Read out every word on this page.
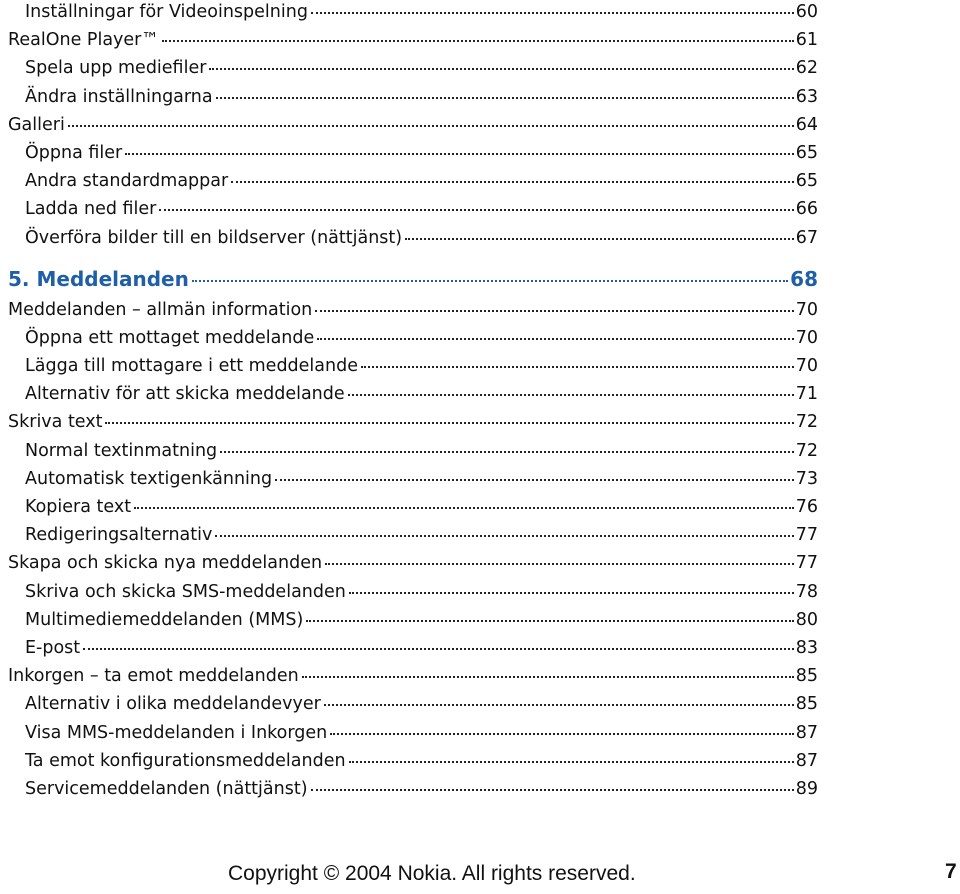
Inställningar för Videoinspelning	60
RealOne Player™	61
Spela upp mediefiler	62
Ändra inställningarna	63
Galleri	64
Öppna filer	65
Andra standardmappar	65
Ladda ned filer	66
Överföra bilder till en bildserver (nättjänst)	67
5. Meddelanden	68
Meddelanden – allmän information	70
Öppna ett mottaget meddelande	70
Lägga till mottagare i ett meddelande	70
Alternativ för att skicka meddelande	71
Skriva text	72
Normal textinmatning	72
Automatisk textigenkänning	73
Kopiera text	76
Redigeringsalternativ	77
Skapa och skicka nya meddelanden	77
Skriva och skicka SMS-meddelanden	78
Multimediemeddelanden (MMS)	80
E-post	83
Inkorgen – ta emot meddelanden	85
Alternativ i olika meddelandevyer	85
Visa MMS-meddelanden i Inkorgen	87
Ta emot konfigurationsmeddelanden	87
Servicemeddelanden (nättjänst)	89
Copyright © 2004 Nokia. All rights reserved.	7
